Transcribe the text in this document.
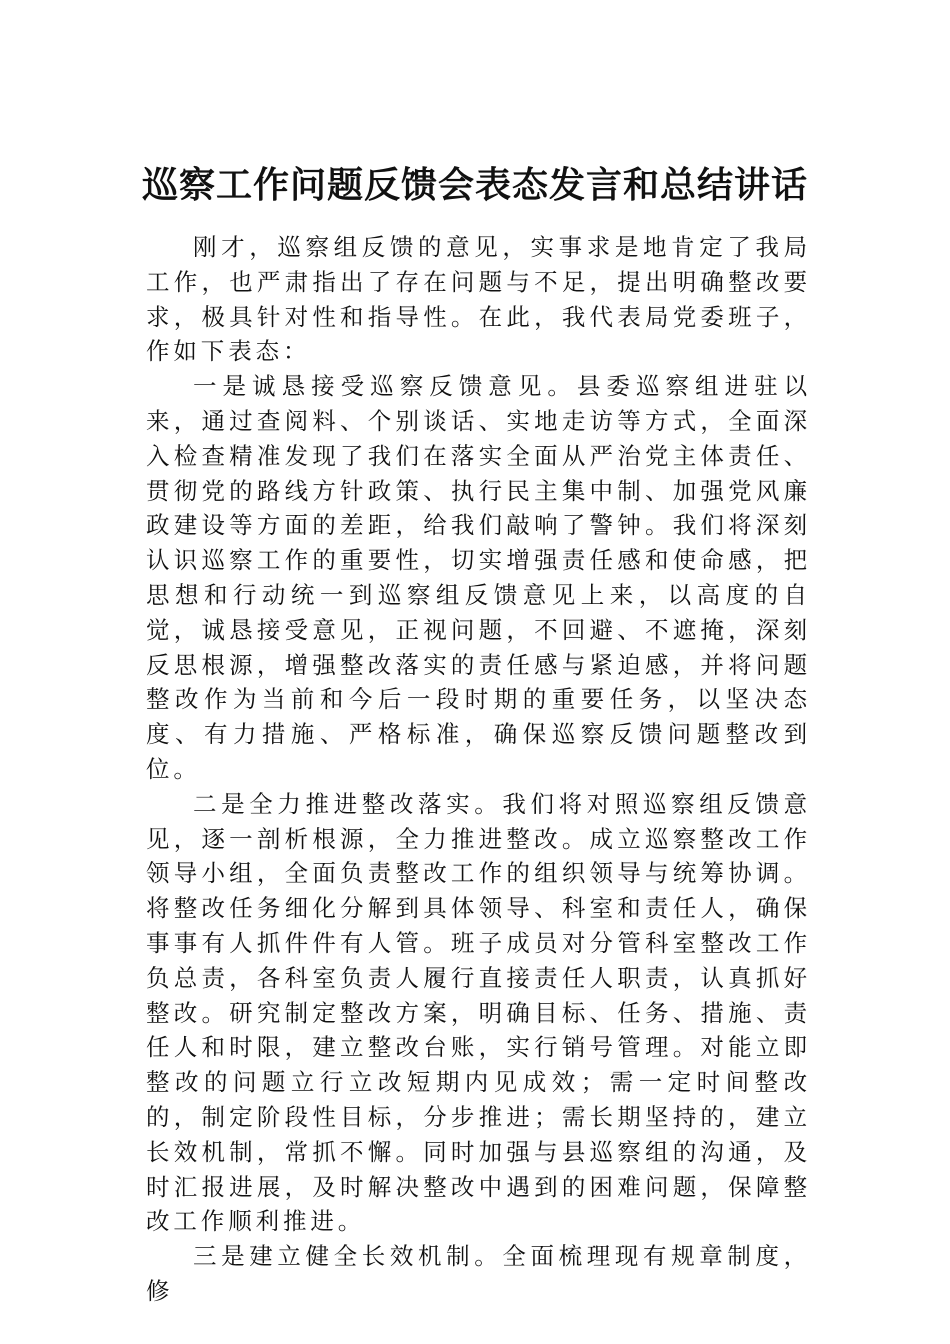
巡察工作问题反馈会表态发言和总结讲话

刚才，巡察组反馈的意见，实事求是地肯定了我局工作，也严肃指出了存在问题与不足，提出明确整改要求，极具针对性和指导性。在此，我代表局党委班子，作如下表态：

一是诚恳接受巡察反馈意见。县委巡察组进驻以来，通过查阅料、个别谈话、实地走访等方式，全面深入检查精准发现了我们在落实全面从严治党主体责任、贯彻党的路线方针政策、执行民主集中制、加强党风廉政建设等方面的差距，给我们敲响了警钟。我们将深刻认识巡察工作的重要性，切实增强责任感和使命感，把思想和行动统一到巡察组反馈意见上来，以高度的自觉，诚恳接受意见，正视问题，不回避、不遮掩，深刻反思根源，增强整改落实的责任感与紧迫感，并将问题整改作为当前和今后一段时期的重要任务，以坚决态度、有力措施、严格标准，确保巡察反馈问题整改到位。

二是全力推进整改落实。我们将对照巡察组反馈意见，逐一剖析根源，全力推进整改。成立巡察整改工作领导小组，全面负责整改工作的组织领导与统筹协调。将整改任务细化分解到具体领导、科室和责任人，确保事事有人抓件件有人管。班子成员对分管科室整改工作负总责，各科室负责人履行直接责任人职责，认真抓好整改。研究制定整改方案，明确目标、任务、措施、责任人和时限，建立整改台账，实行销号管理。对能立即整改的问题立行立改短期内见成效；需一定时间整改的，制定阶段性目标，分步推进；需长期坚持的，建立长效机制，常抓不懈。同时加强与县巡察组的沟通，及时汇报进展，及时解决整改中遇到的困难问题，保障整改工作顺利推进。

三是建立健全长效机制。全面梳理现有规章制度，修
